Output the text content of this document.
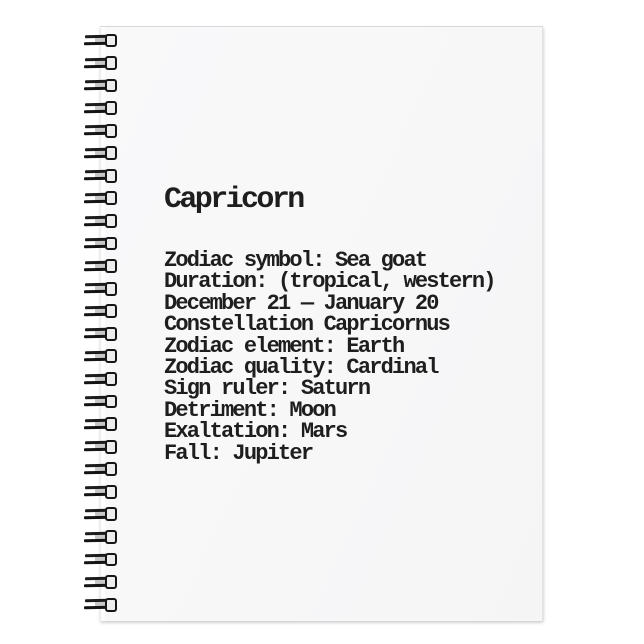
Capricorn
Zodiac symbol: Sea goat
Duration: (tropical, western)
December 21 — January 20
Constellation Capricornus
Zodiac element: Earth
Zodiac quality: Cardinal
Sign ruler: Saturn
Detriment: Moon
Exaltation: Mars
Fall: Jupiter
